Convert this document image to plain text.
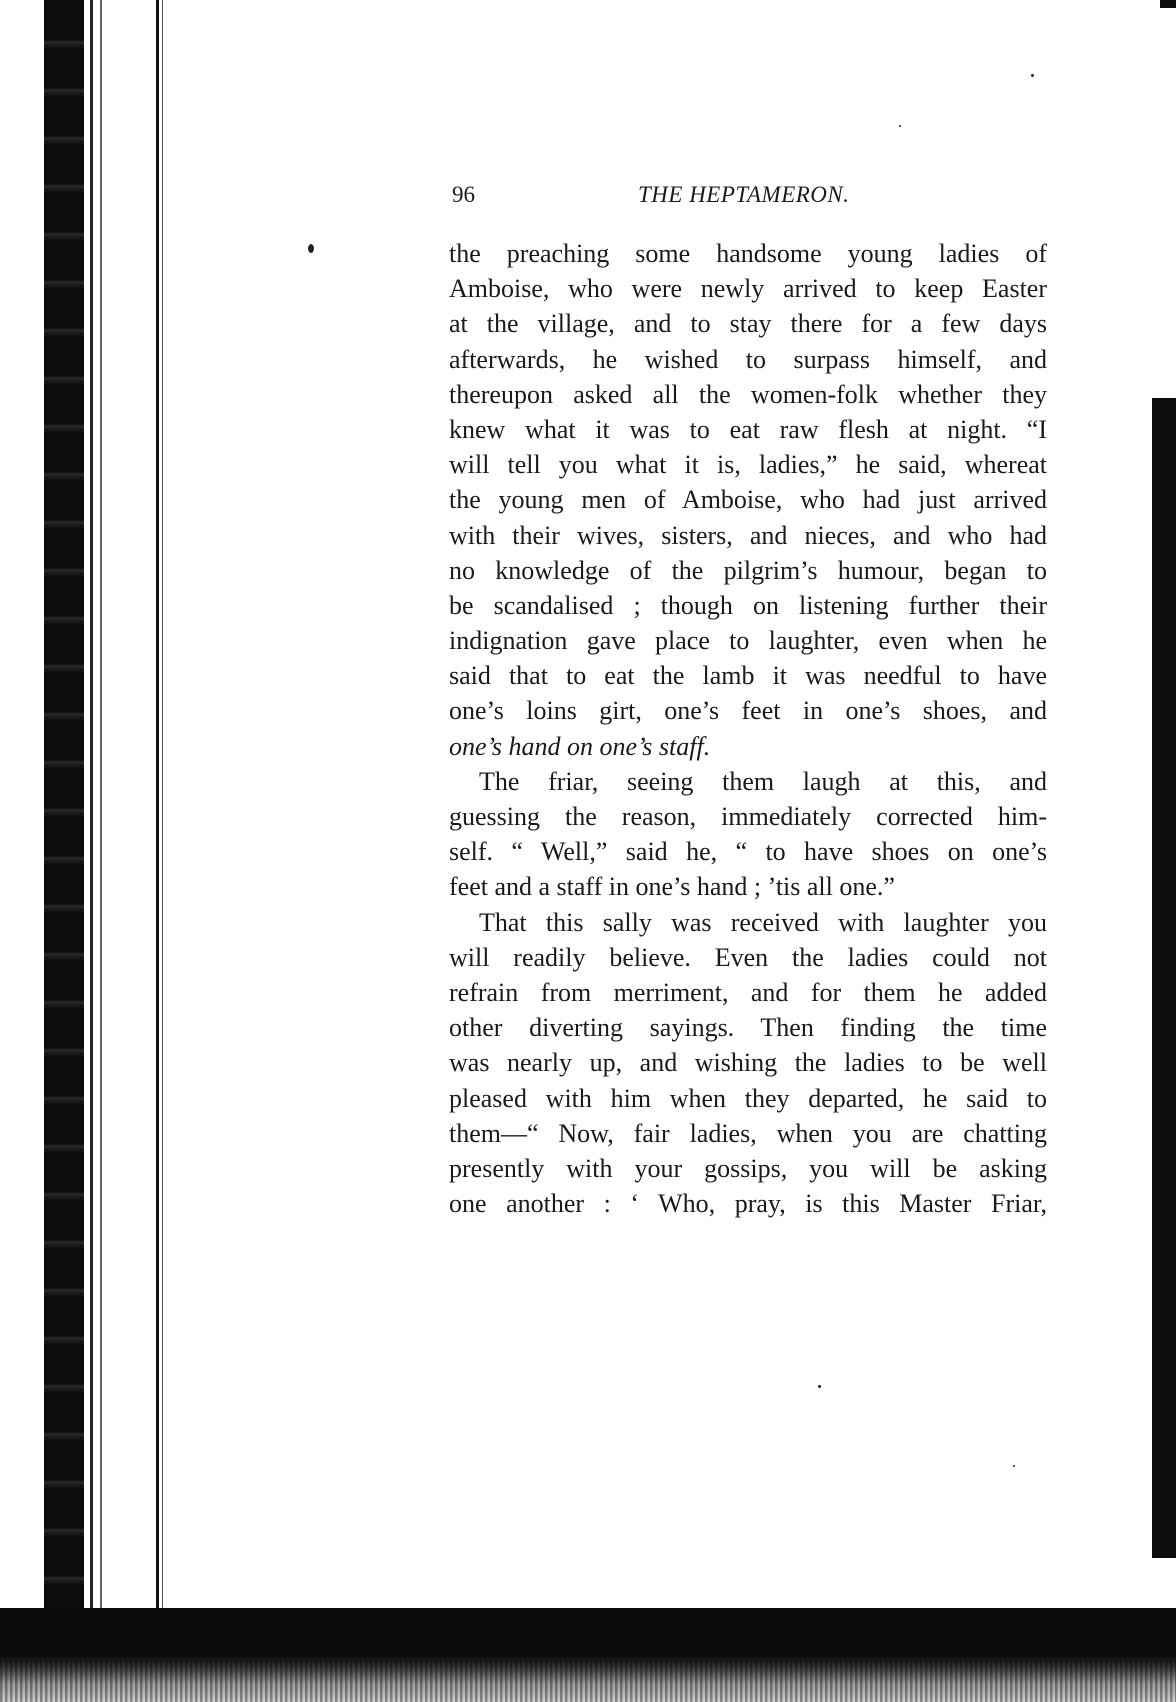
96	THE HEPTAMERON.
the preaching some handsome young ladies of
Amboise, who were newly arrived to keep Easter
at the village, and to stay there for a few days
afterwards, he wished to surpass himself, and
thereupon asked all the women-folk whether they
knew what it was to eat raw flesh at night. “I
will tell you what it is, ladies,” he said, whereat
the young men of Amboise, who had just arrived
with their wives, sisters, and nieces, and who had
no knowledge of the pilgrim’s humour, began to
be scandalised ; though on listening further their
indignation gave place to laughter, even when he
said that to eat the lamb it was needful to have
one’s loins girt, one’s feet in one’s shoes, and
one’s hand on one’s staff.
The friar, seeing them laugh at this, and
guessing the reason, immediately corrected him-
self. “ Well,” said he, “ to have shoes on one’s
feet and a staff in one’s hand ; ’tis all one.”
That this sally was received with laughter you
will readily believe. Even the ladies could not
refrain from merriment, and for them he added
other diverting sayings. Then finding the time
was nearly up, and wishing the ladies to be well
pleased with him when they departed, he said to
them—“ Now, fair ladies, when you are chatting
presently with your gossips, you will be asking
one another : ‘ Who, pray, is this Master Friar,
